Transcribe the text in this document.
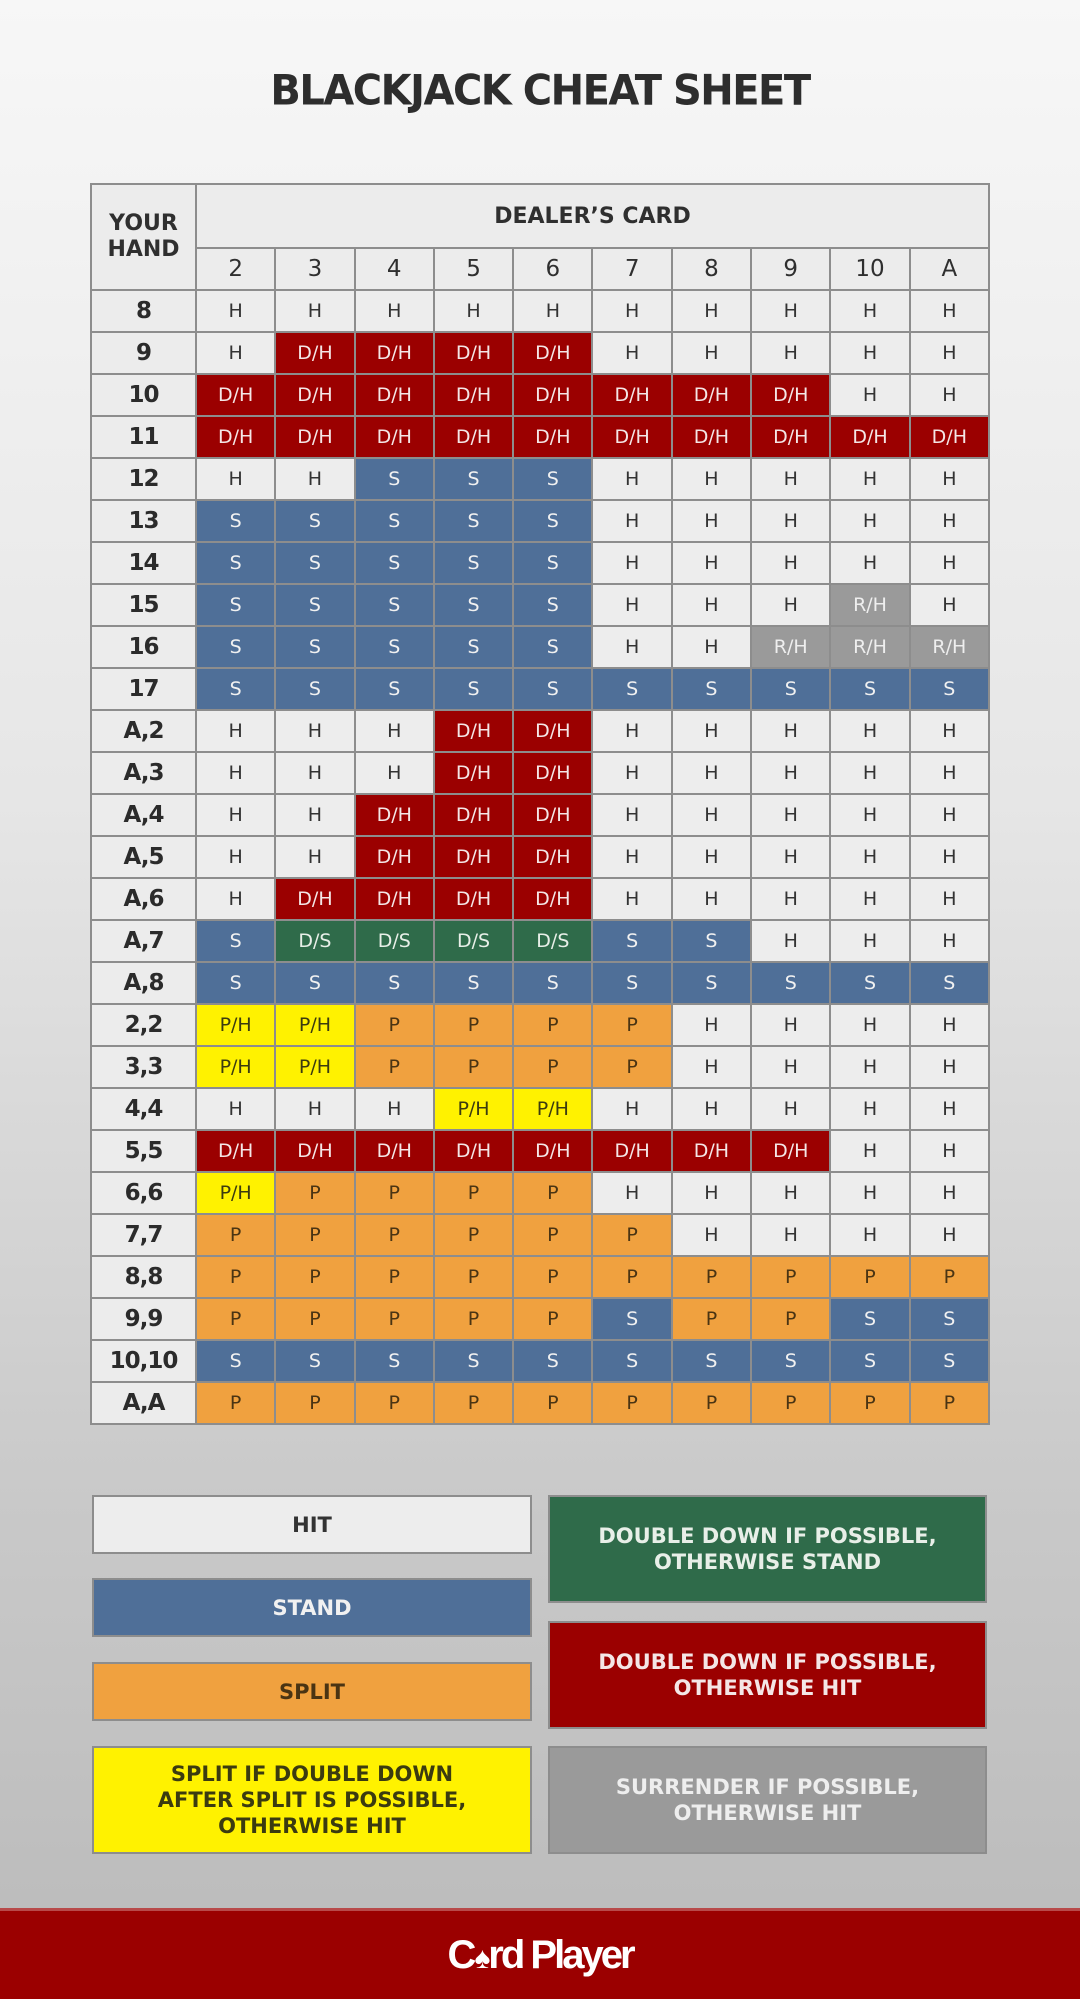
BLACKJACK CHEAT SHEET
YOUR HAND	DEALER’S CARD									
	2	3	4	5	6	7	8	9	10	A
8	H	H	H	H	H	H	H	H	H	H
9	H	D/H	D/H	D/H	D/H	H	H	H	H	H
10	D/H	D/H	D/H	D/H	D/H	D/H	D/H	D/H	H	H
11	D/H	D/H	D/H	D/H	D/H	D/H	D/H	D/H	D/H	D/H
12	H	H	S	S	S	H	H	H	H	H
13	S	S	S	S	S	H	H	H	H	H
14	S	S	S	S	S	H	H	H	H	H
15	S	S	S	S	S	H	H	H	R/H	H
16	S	S	S	S	S	H	H	R/H	R/H	R/H
17	S	S	S	S	S	S	S	S	S	S
A,2	H	H	H	D/H	D/H	H	H	H	H	H
A,3	H	H	H	D/H	D/H	H	H	H	H	H
A,4	H	H	D/H	D/H	D/H	H	H	H	H	H
A,5	H	H	D/H	D/H	D/H	H	H	H	H	H
A,6	H	D/H	D/H	D/H	D/H	H	H	H	H	H
A,7	S	D/S	D/S	D/S	D/S	S	S	H	H	H
A,8	S	S	S	S	S	S	S	S	S	S
2,2	P/H	P/H	P	P	P	P	H	H	H	H
3,3	P/H	P/H	P	P	P	P	H	H	H	H
4,4	H	H	H	P/H	P/H	H	H	H	H	H
5,5	D/H	D/H	D/H	D/H	D/H	D/H	D/H	D/H	H	H
6,6	P/H	P	P	P	P	H	H	H	H	H
7,7	P	P	P	P	P	P	H	H	H	H
8,8	P	P	P	P	P	P	P	P	P	P
9,9	P	P	P	P	P	S	P	P	S	S
10,10	S	S	S	S	S	S	S	S	S	S
A,A	P	P	P	P	P	P	P	P	P	P
HIT
STAND
SPLIT
SPLIT IF DOUBLE DOWN AFTER SPLIT IS POSSIBLE, OTHERWISE HIT
DOUBLE DOWN IF POSSIBLE, OTHERWISE STAND
DOUBLE DOWN IF POSSIBLE, OTHERWISE HIT
SURRENDER IF POSSIBLE, OTHERWISE HIT
C ♠ rd Player
